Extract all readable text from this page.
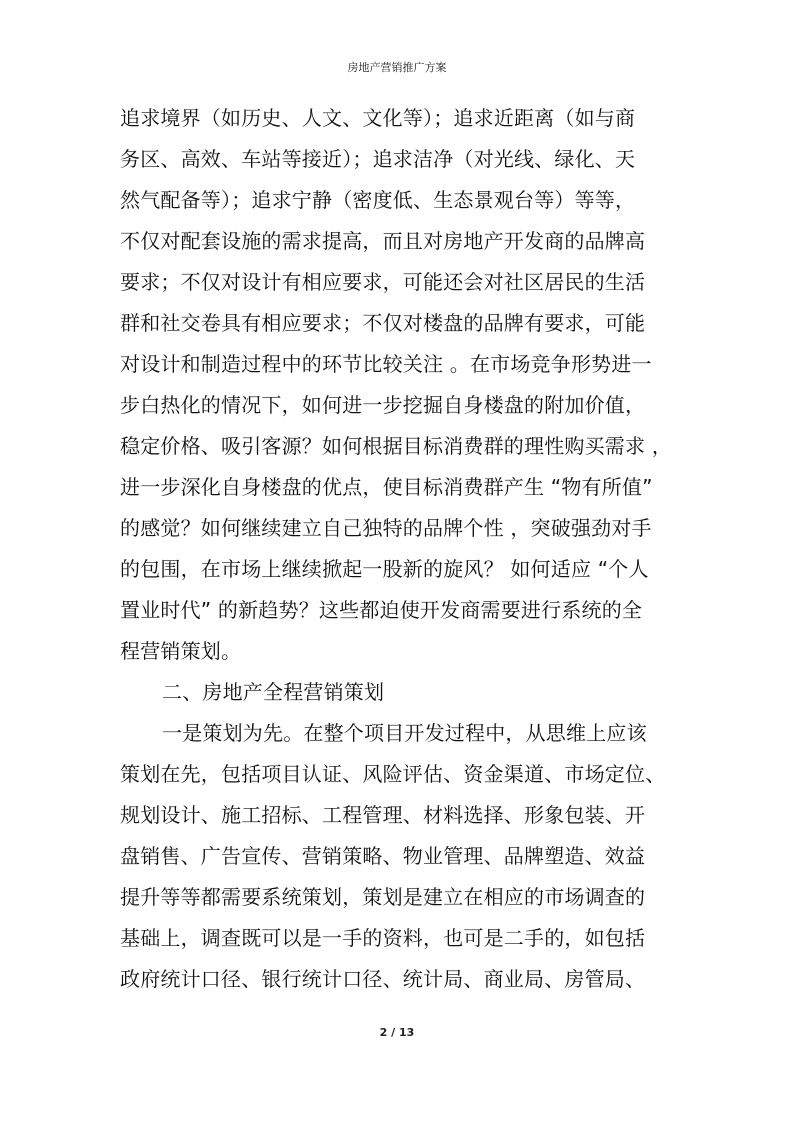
房地产营销推广方案
追求境界（如历史、人文、文化等）；追求近距离（如与商
务区、高效、车站等接近）；追求洁净（对光线、绿化、天
然气配备等）；追求宁静（密度低、生态景观台等）等等，
不仅对配套设施的需求提高，而且对房地产开发商的品牌高
要求；不仅对设计有相应要求，可能还会对社区居民的生活
群和社交卷具有相应要求；不仅对楼盘的品牌有要求，可能
对设计和制造过程中的环节比较关注 。在市场竞争形势进一
步白热化的情况下，如何进一步挖掘自身楼盘的附加价值，
稳定价格、吸引客源？如何根据目标消费群的理性购买需求 ，
进一步深化自身楼盘的优点，使目标消费群产生 “物有所值”
的感觉？如何继续建立自己独特的品牌个性 ，突破强劲对手
的包围，在市场上继续掀起一股新的旋风？ 如何适应 “个人
置业时代” 的新趋势？这些都迫使开发商需要进行系统的全
程营销策划。
二、房地产全程营销策划
一是策划为先。在整个项目开发过程中，从思维上应该
策划在先，包括项目认证、风险评估、资金渠道、市场定位、
规划设计、施工招标、工程管理、材料选择、形象包装、开
盘销售、广告宣传、营销策略、物业管理、品牌塑造、效益
提升等等都需要系统策划，策划是建立在相应的市场调查的
基础上，调查既可以是一手的资料，也可是二手的，如包括
政府统计口径、银行统计口径、统计局、商业局、房管局、
2 / 13
